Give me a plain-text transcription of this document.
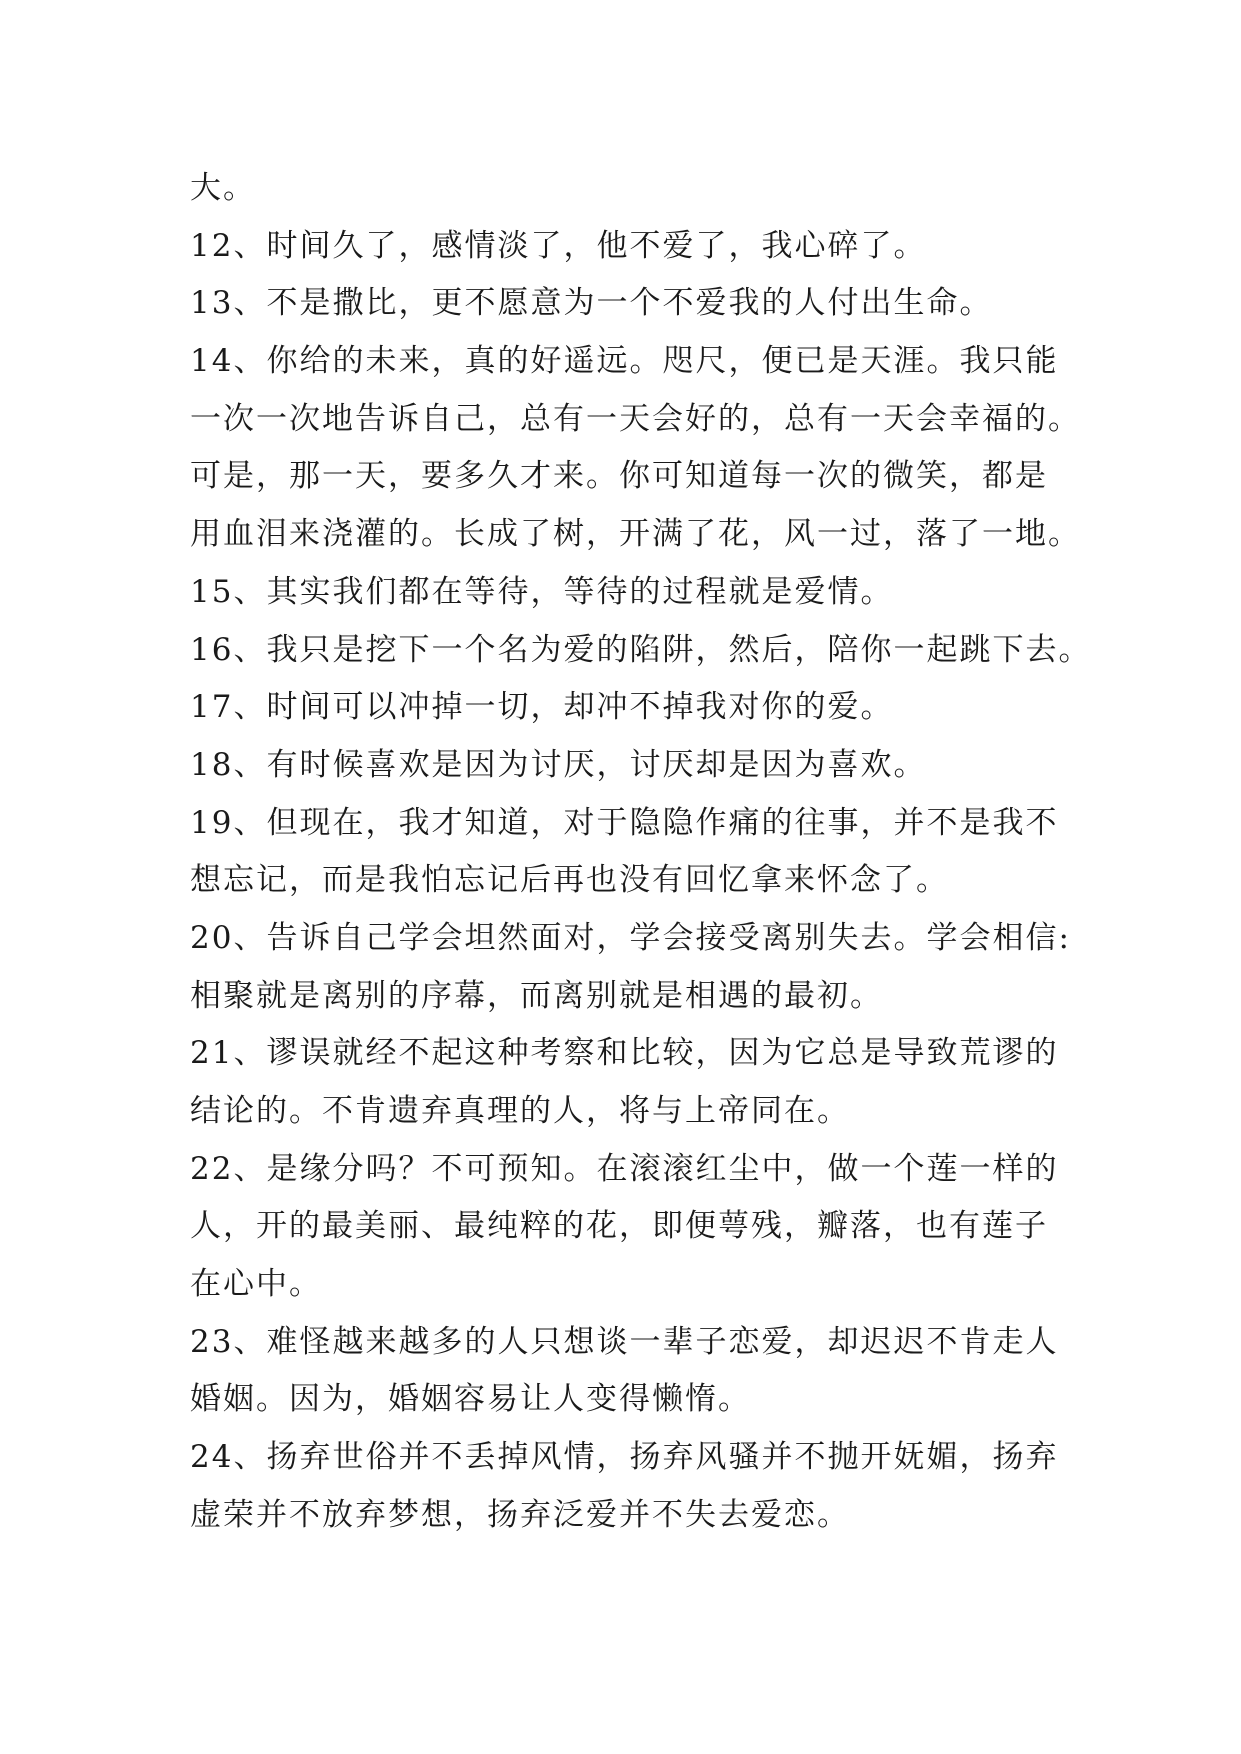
大。
12、时间久了，感情淡了，他不爱了，我心碎了。
13、不是撒比，更不愿意为一个不爱我的人付出生命。
14、你给的未来，真的好遥远。咫尺，便已是天涯。我只能
一次一次地告诉自己，总有一天会好的，总有一天会幸福的。
可是，那一天，要多久才来。你可知道每一次的微笑，都是
用血泪来浇灌的。长成了树，开满了花，风一过，落了一地。
15、其实我们都在等待，等待的过程就是爱情。
16、我只是挖下一个名为爱的陷阱，然后，陪你一起跳下去。
17、时间可以冲掉一切，却冲不掉我对你的爱。
18、有时候喜欢是因为讨厌，讨厌却是因为喜欢。
19、但现在，我才知道，对于隐隐作痛的往事，并不是我不
想忘记，而是我怕忘记后再也没有回忆拿来怀念了。
20、告诉自己学会坦然面对，学会接受离别失去。学会相信:
相聚就是离别的序幕，而离别就是相遇的最初。
21、谬误就经不起这种考察和比较，因为它总是导致荒谬的
结论的。不肯遗弃真理的人，将与上帝同在。
22、是缘分吗？不可预知。在滚滚红尘中，做一个莲一样的
人，开的最美丽、最纯粹的花，即便萼残，瓣落，也有莲子
在心中。
23、难怪越来越多的人只想谈一辈子恋爱，却迟迟不肯走人
婚姻。因为，婚姻容易让人变得懒惰。
24、扬弃世俗并不丢掉风情，扬弃风骚并不抛开妩媚，扬弃
虚荣并不放弃梦想，扬弃泛爱并不失去爱恋。
